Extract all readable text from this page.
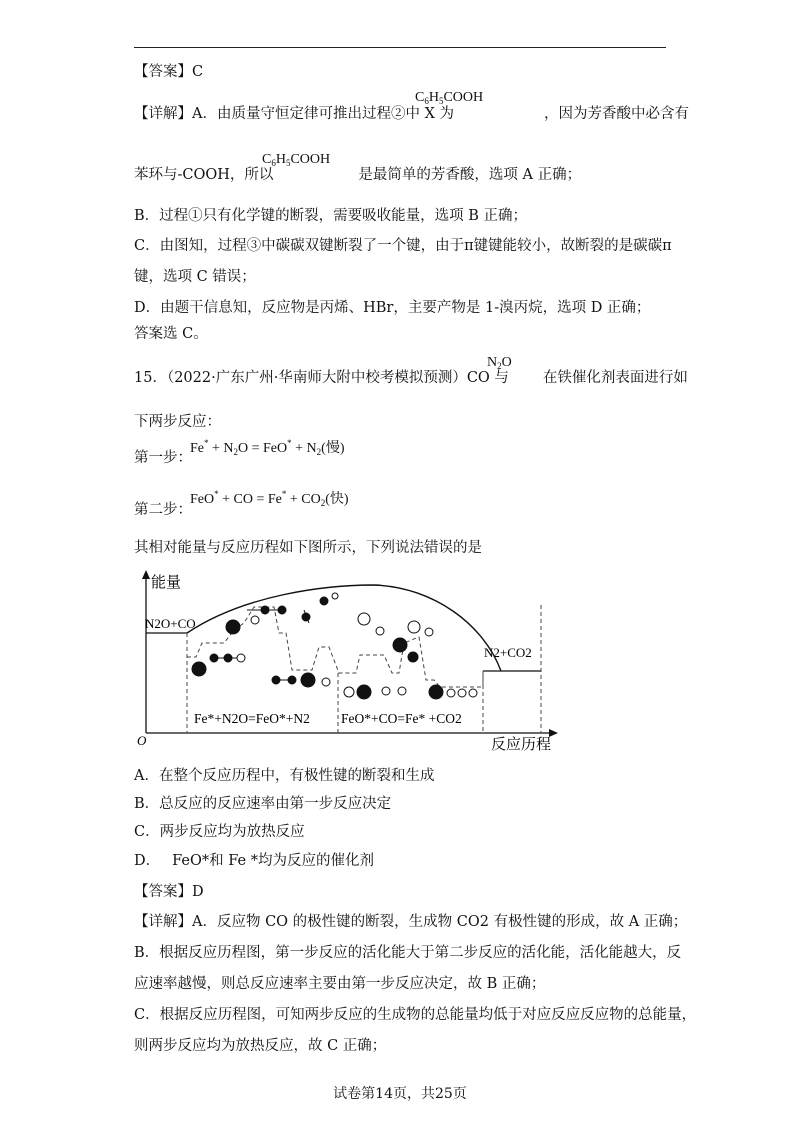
【答案】C
【详解】A．由质量守恒定律可推出过程②中 X 为	，因为芳香酸中必含有
$C_6H_5COOH$
苯环与-COOH，所以	是最简单的芳香酸，选项 A 正确；
$C_6H_5COOH$
B．过程①只有化学键的断裂，需要吸收能量，选项 B 正确；
C．由图知，过程③中碳碳双键断裂了一个键，由于π键键能较小，故断裂的是碳碳π
键，选项 C 错误；
D．由题干信息知，反应物是丙烯、HBr，主要产物是 1-溴丙烷，选项 D 正确；
答案选 C。
15．（2022·广东广州·华南师大附中校考模拟预测）CO 与 在铁催化剂表面进行如
$N_2O$
下两步反应：
第一步：
$Fe^* + N_2O = FeO^* + N_2$(慢)
第二步：
FeO* + CO = $Fe^* + CO_2$(快)
其相对能量与反应历程如下图所示，下列说法错误的是
能量
反应历程
O
N2O+CO
N2+CO2
Fe*+N2O=FeO*+N2 FeO*+CO=Fe* +CO2
A．在整个反应历程中，有极性键的断裂和生成
B．总反应的反应速率由第一步反应决定
C．两步反应均为放热反应
D． FeO*和 Fe *均为反应的催化剂
【答案】D
【详解】A．反应物 CO 的极性键的断裂，生成物 CO2 有极性键的形成，故 A 正确；
B．根据反应历程图，第一步反应的活化能大于第二步反应的活化能，活化能越大，反
应速率越慢，则总反应速率主要由第一步反应决定，故 B 正确；
C．根据反应历程图，可知两步反应的生成物的总能量均低于对应反应反应物的总能量，
则两步反应均为放热反应，故 C 正确；
试卷第14页，共25页
